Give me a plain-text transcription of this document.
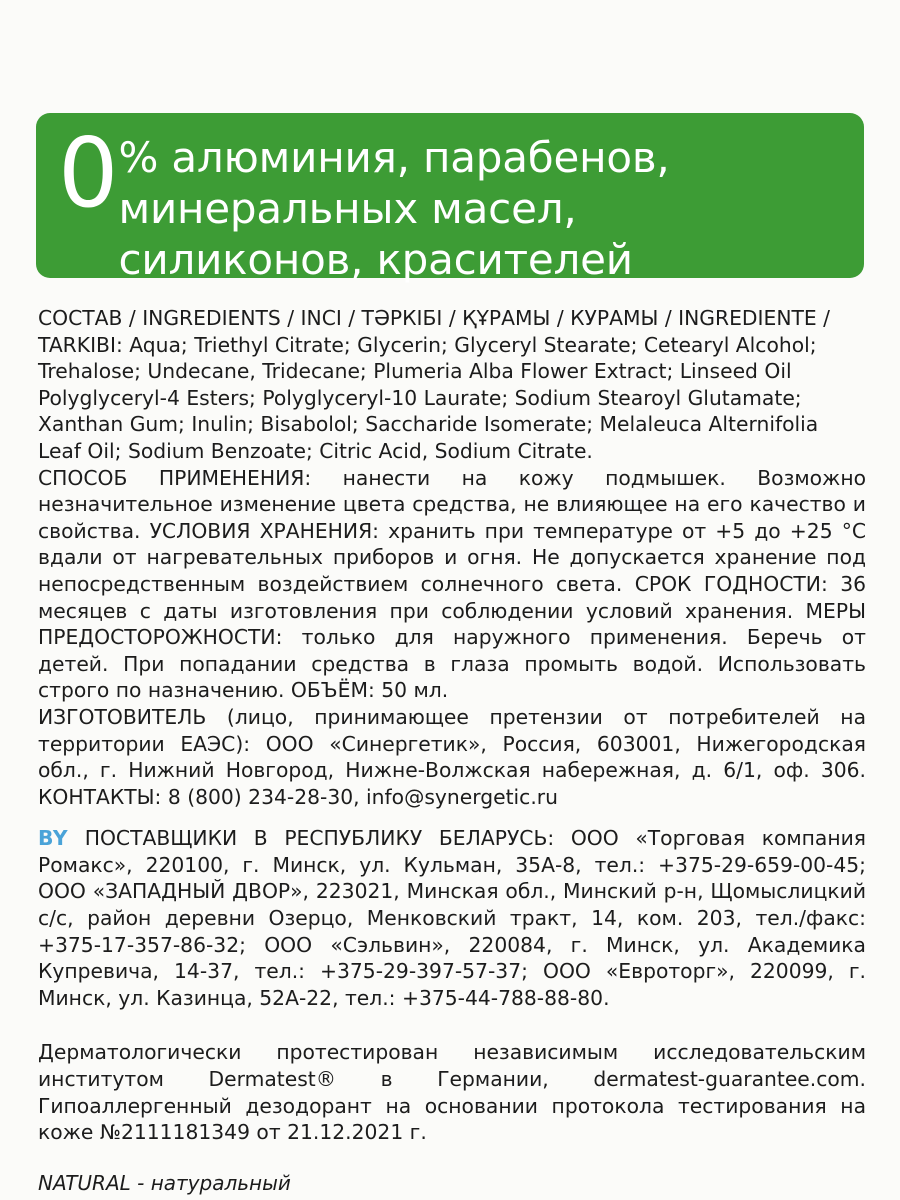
0 % алюминия, парабенов,
минеральных масел,
силиконов, красителей

СОСТАВ / INGREDIENTS / INCI / ТӘРКІБІ / ҚҰРАМЫ / КУРАМЫ / INGREDIENTE / TARKIBI: Aqua; Triethyl Citrate; Glycerin; Glyceryl Stearate; Cetearyl Alcohol; Trehalose; Undecane, Tridecane; Plumeria Alba Flower Extract; Linseed Oil Polyglyceryl-4 Esters; Polyglyceryl-10 Laurate; Sodium Stearoyl Glutamate; Xanthan Gum; Inulin; Bisabolol; Saccharide Isomerate; Melaleuca Alternifolia Leaf Oil; Sodium Benzoate; Citric Acid, Sodium Citrate.

СПОСОБ ПРИМЕНЕНИЯ: нанести на кожу подмышек. Возможно незначительное изменение цвета средства, не влияющее на его качество и свойства. УСЛОВИЯ ХРАНЕНИЯ: хранить при температуре от +5 до +25 °С вдали от нагревательных приборов и огня. Не допускается хранение под непосредственным воздействием солнечного света. СРОК ГОДНОСТИ: 36 месяцев с даты изготовления при соблюдении условий хранения. МЕРЫ ПРЕДОСТОРОЖНОСТИ: только для наружного применения. Беречь от детей. При попадании средства в глаза промыть водой. Использовать строго по назначению. ОБЪЁМ: 50 мл.

ИЗГОТОВИТЕЛЬ (лицо, принимающее претензии от потребителей на территории ЕАЭС): ООО «Синергетик», Россия, 603001, Нижегородская обл., г. Нижний Новгород, Нижне-Волжская набережная, д. 6/1, оф. 306. КОНТАКТЫ: 8 (800) 234-28-30, info@synergetic.ru

BY ПОСТАВЩИКИ В РЕСПУБЛИКУ БЕЛАРУСЬ: ООО «Торговая компания Ромакс», 220100, г. Минск, ул. Кульман, 35А-8, тел.: +375-29-659-00-45; ООО «ЗАПАДНЫЙ ДВОР», 223021, Минская обл., Минский р-н, Щомыслицкий с/с, район деревни Озерцо, Менковский тракт, 14, ком. 203, тел./факс: +375-17-357-86-32; ООО «Сэльвин», 220084, г. Минск, ул. Академика Купревича, 14-37, тел.: +375-29-397-57-37; ООО «Евроторг», 220099, г. Минск, ул. Казинца, 52А-22, тел.: +375-44-788-88-80.

Дерматологически протестирован независимым исследовательским институтом Dermatest® в Германии, dermatest-guarantee.com. Гипоаллергенный дезодорант на основании протокола тестирования на коже №2111181349 от 21.12.2021 г.

NATURAL - натуральный
